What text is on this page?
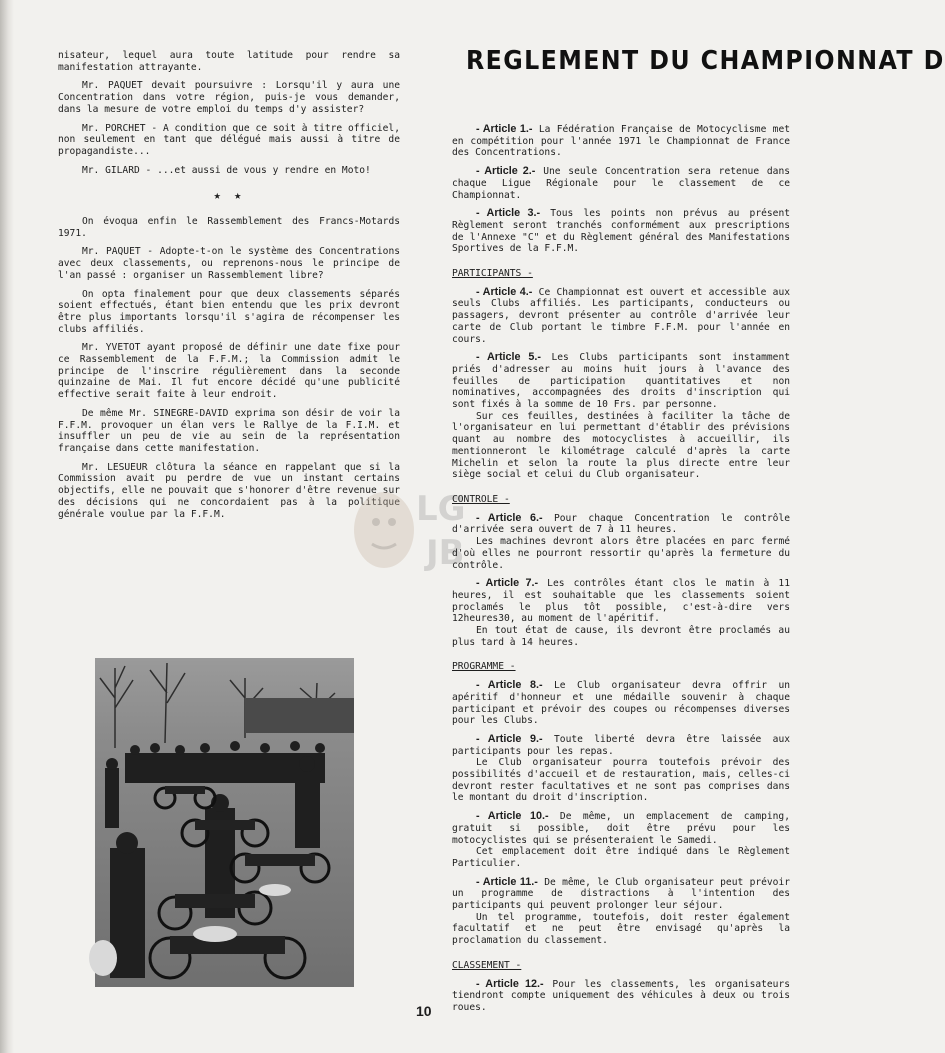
nisateur, lequel aura toute latitude pour rendre sa manifestation attrayante.

Mr. PAQUET devait poursuivre : Lorsqu'il y aura une Concentration dans votre région, puis-je vous demander, dans la mesure de votre emploi du temps d'y assister?

Mr. PORCHET - A condition que ce soit à titre officiel, non seulement en tant que délégué mais aussi à titre de propagandiste...

Mr. GILARD - ...et aussi de vous y rendre en Moto!

★ ★

On évoqua enfin le Rassemblement des Francs-Motards 1971.

Mr. PAQUET - Adopte-t-on le système des Concentrations avec deux classements, ou reprenons-nous le principe de l'an passé : organiser un Rassemblement libre?

On opta finalement pour que deux classements séparés soient effectués, étant bien entendu que les prix devront être plus importants lorsqu'il s'agira de récompenser les clubs affiliés.

Mr. YVETOT ayant proposé de définir une date fixe pour ce Rassemblement de la F.F.M.; la Commission admit le principe de l'inscrire régulièrement dans la seconde quinzaine de Mai. Il fut encore décidé qu'une publicité effective serait faite à leur endroit.

De même Mr. SINEGRE-DAVID exprima son désir de voir la F.F.M. provoquer un élan vers le Rallye de la F.I.M. et insuffler un peu de vie au sein de la représentation française dans cette manifestation.

Mr. LESUEUR clôtura la séance en rappelant que si la Commission avait pu perdre de vue un instant certains objectifs, elle ne pouvait que s'honorer d'être revenue sur des décisions qui ne concordaient pas à la politique générale voulue par la F.F.M.	LG
JB
REGLEMENT DU CHAMPIONNAT D

- Article 1.- La Fédération Française de Motocyclisme met en compétition pour l'année 1971 le Championnat de France des Concentrations.

- Article 2.- Une seule Concentration sera retenue dans chaque Ligue Régionale pour le classement de ce Championnat.

- Article 3.- Tous les points non prévus au présent Règlement seront tranchés conformément aux prescriptions de l'Annexe "C" et du Règlement général des Manifestations Sportives de la F.F.M.

PARTICIPANTS -

- Article 4.- Ce Championnat est ouvert et accessible aux seuls Clubs affiliés. Les participants, conducteurs ou passagers, devront présenter au contrôle d'arrivée leur carte de Club portant le timbre F.F.M. pour l'année en cours.

- Article 5.- Les Clubs participants sont instamment priés d'adresser au moins huit jours à l'avance des feuilles de participation quantitatives et non nominatives, accompagnées des droits d'inscription qui sont fixés à la somme de 10 Frs. par personne.

Sur ces feuilles, destinées à faciliter la tâche de l'organisateur en lui permettant d'établir des prévisions quant au nombre des motocyclistes à accueillir, ils mentionneront le kilométrage calculé d'après la carte Michelin et selon la route la plus directe entre leur siège social et celui du Club organisateur.

CONTROLE -

- Article 6.- Pour chaque Concentration le contrôle d'arrivée sera ouvert de 7 à 11 heures.

Les machines devront alors être placées en parc fermé d'où elles ne pourront ressortir qu'après la fermeture du contrôle.

- Article 7.- Les contrôles étant clos le matin à 11 heures, il est souhaitable que les classements soient proclamés le plus tôt possible, c'est-à-dire vers 12heures30, au moment de l'apéritif.

En tout état de cause, ils devront être proclamés au plus tard à 14 heures.

PROGRAMME -

- Article 8.- Le Club organisateur devra offrir un apéritif d'honneur et une médaille souvenir à chaque participant et prévoir des coupes ou récompenses diverses pour les Clubs.

- Article 9.- Toute liberté devra être laissée aux participants pour les repas.

Le Club organisateur pourra toutefois prévoir des possibilités d'accueil et de restauration, mais, celles-ci devront rester facultatives et ne sont pas comprises dans le montant du droit d'inscription.

- Article 10.- De même, un emplacement de camping, gratuit si possible, doit être prévu pour les motocyclistes qui se présenteraient le Samedi.

Cet emplacement doit être indiqué dans le Règlement Particulier.

- Article 11.- De même, le Club organisateur peut prévoir un programme de distractions à l'intention des participants qui peuvent prolonger leur séjour.

Un tel programme, toutefois, doit rester également facultatif et ne peut être envisagé qu'après la proclamation du classement.

CLASSEMENT -

- Article 12.- Pour les classements, les organisateurs tiendront compte uniquement des véhicules à deux ou trois roues.

10
